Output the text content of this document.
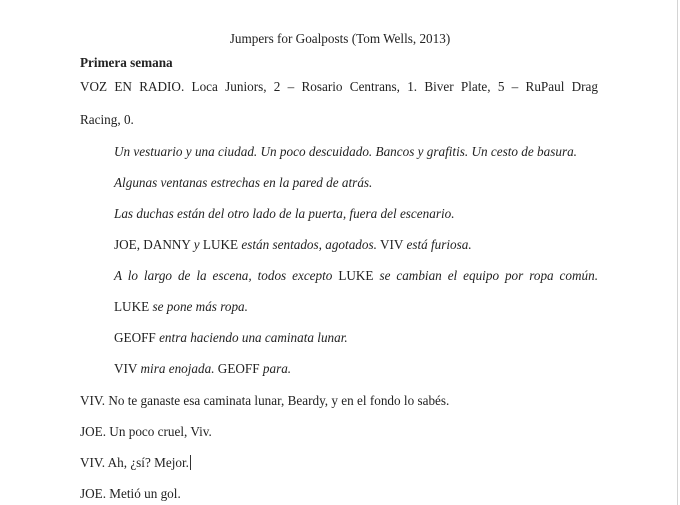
Jumpers for Goalposts (Tom Wells, 2013)
Primera semana
VOZ EN RADIO. Loca Juniors, 2 – Rosario Centrans, 1. Biver Plate, 5 – RuPaul Drag
Racing, 0.
Un vestuario y una ciudad. Un poco descuidado. Bancos y grafitis. Un cesto de basura.
Algunas ventanas estrechas en la pared de atrás.
Las duchas están del otro lado de la puerta, fuera del escenario.
JOE, DANNY y LUKE están sentados, agotados. VIV está furiosa.
A lo largo de la escena, todos excepto LUKE se cambian el equipo por ropa común.
LUKE se pone más ropa.
GEOFF entra haciendo una caminata lunar.
VIV mira enojada. GEOFF para.
VIV. No te ganaste esa caminata lunar, Beardy, y en el fondo lo sabés.
JOE. Un poco cruel, Viv.
VIV. Ah, ¿sí? Mejor.
JOE. Metió un gol.
